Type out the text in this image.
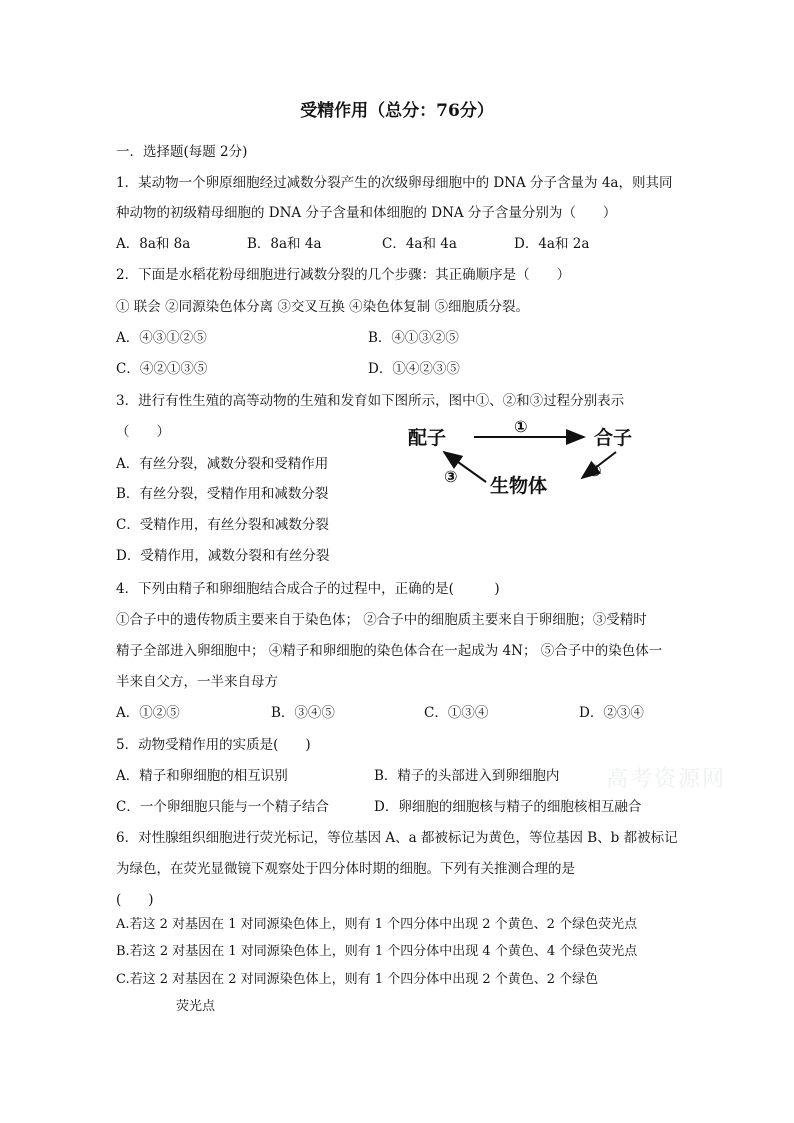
受精作用（总分：76分）
一．选择题(每题 2分)
1．某动物一个卵原细胞经过减数分裂产生的次级卵母细胞中的 DNA 分子含量为 4a，则其同
种动物的初级精母细胞的 DNA 分子含量和体细胞的 DNA 分子含量分别为（　　）
A．8a和 8a	B．8a和 4a	C．4a和 4a	D．4a和 2a
2．下面是水稻花粉母细胞进行减数分裂的几个步骤：其正确顺序是（　　）
① 联会 ②同源染色体分离 ③交叉互换 ④染色体复制 ⑤细胞质分裂。
A．④③①②⑤	B．④①③②⑤
C．④②①③⑤	D．①④②③⑤
3．进行有性生殖的高等动物的生殖和发育如下图所示，图中①、②和③过程分别表示
（　　）
A．有丝分裂，减数分裂和受精作用
B．有丝分裂，受精作用和减数分裂
C．受精作用，有丝分裂和减数分裂
D．受精作用，减数分裂和有丝分裂
配子	合子
生物体
①
②
③
4．下列由精子和卵细胞结合成合子的过程中，正确的是(　　　)
①合子中的遗传物质主要来自于染色体； ②合子中的细胞质主要来自于卵细胞；③受精时
精子全部进入卵细胞中； ④精子和卵细胞的染色体合在一起成为 4N； ⑤合子中的染色体一
半来自父方，一半来自母方
A．①②⑤	B．③④⑤	C．①③④	D．②③④
5．动物受精作用的实质是(　　)
A．精子和卵细胞的相互识别	B．精子的头部进入到卵细胞内
C．一个卵细胞只能与一个精子结合	D．卵细胞的细胞核与精子的细胞核相互融合
高考资源网
6．对性腺组织细胞进行荧光标记，等位基因 A、a 都被标记为黄色，等位基因 B、b 都被标记
为绿色，在荧光显微镜下观察处于四分体时期的细胞。下列有关推测合理的是
(　　)
A.若这 2 对基因在 1 对同源染色体上，则有 1 个四分体中出现 2 个黄色、2 个绿色荧光点
B.若这 2 对基因在 1 对同源染色体上，则有 1 个四分体中出现 4 个黄色、4 个绿色荧光点
C.若这 2 对基因在 2 对同源染色体上，则有 1 个四分体中出现 2 个黄色、2 个绿色
荧光点
